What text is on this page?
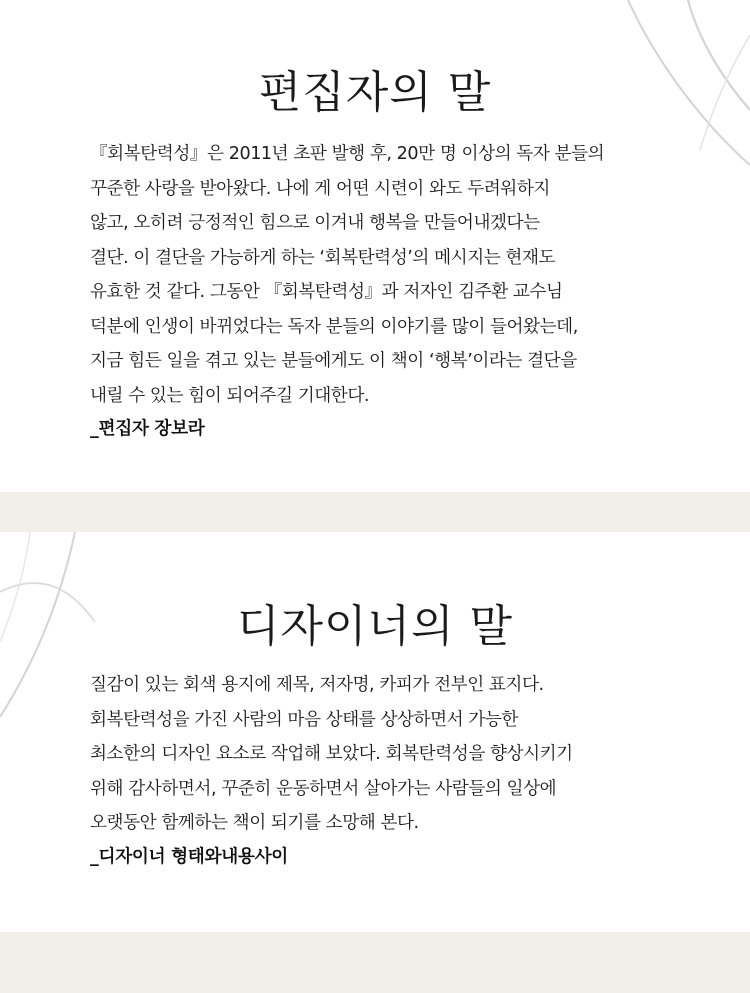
편집자의 말
『회복탄력성』은 2011년 초판 발행 후, 20만 명 이상의 독자 분들의
꾸준한 사랑을 받아왔다. 나에 게 어떤 시련이 와도 두려워하지
않고, 오히려 긍정적인 힘으로 이겨내 행복을 만들어내겠다는
결단. 이 결단을 가능하게 하는 ‘회복탄력성’의 메시지는 현재도
유효한 것 같다. 그동안 『회복탄력성』과 저자인 김주환 교수님
덕분에 인생이 바뀌었다는 독자 분들의 이야기를 많이 들어왔는데,
지금 힘든 일을 겪고 있는 분들에게도 이 책이 ‘행복’이라는 결단을
내릴 수 있는 힘이 되어주길 기대한다.
_편집자 장보라
디자이너의 말
질감이 있는 회색 용지에 제목, 저자명, 카피가 전부인 표지다.
회복탄력성을 가진 사람의 마음 상태를 상상하면서 가능한
최소한의 디자인 요소로 작업해 보았다. 회복탄력성을 향상시키기
위해 감사하면서, 꾸준히 운동하면서 살아가는 사람들의 일상에
오랫동안 함께하는 책이 되기를 소망해 본다.
_디자이너 형태와내용사이
